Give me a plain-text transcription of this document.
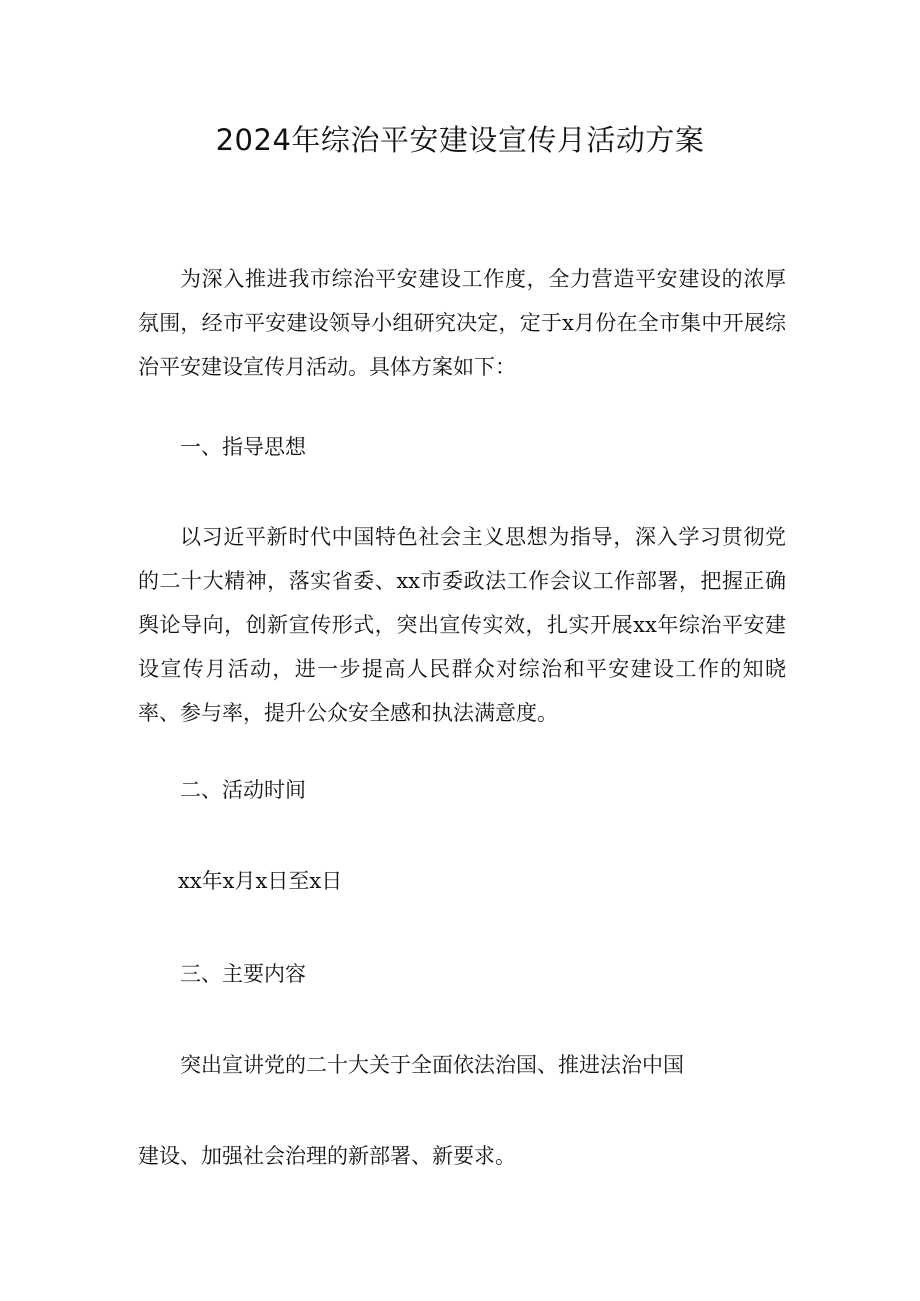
2024年综治平安建设宣传月活动方案

为深入推进我市综治平安建设工作度，全力营造平安建设的浓厚氛围，经市平安建设领导小组研究决定，定于x月份在全市集中开展综治平安建设宣传月活动。具体方案如下：

一、指导思想

以习近平新时代中国特色社会主义思想为指导，深入学习贯彻党的二十大精神，落实省委、xx市委政法工作会议工作部署，把握正确舆论导向，创新宣传形式，突出宣传实效，扎实开展xx年综治平安建设宣传月活动，进一步提高人民群众对综治和平安建设工作的知晓率、参与率，提升公众安全感和执法满意度。

二、活动时间

xx年x月x日至x日

三、主要内容

突出宣讲党的二十大关于全面依法治国、推进法治中国

建设、加强社会治理的新部署、新要求。
